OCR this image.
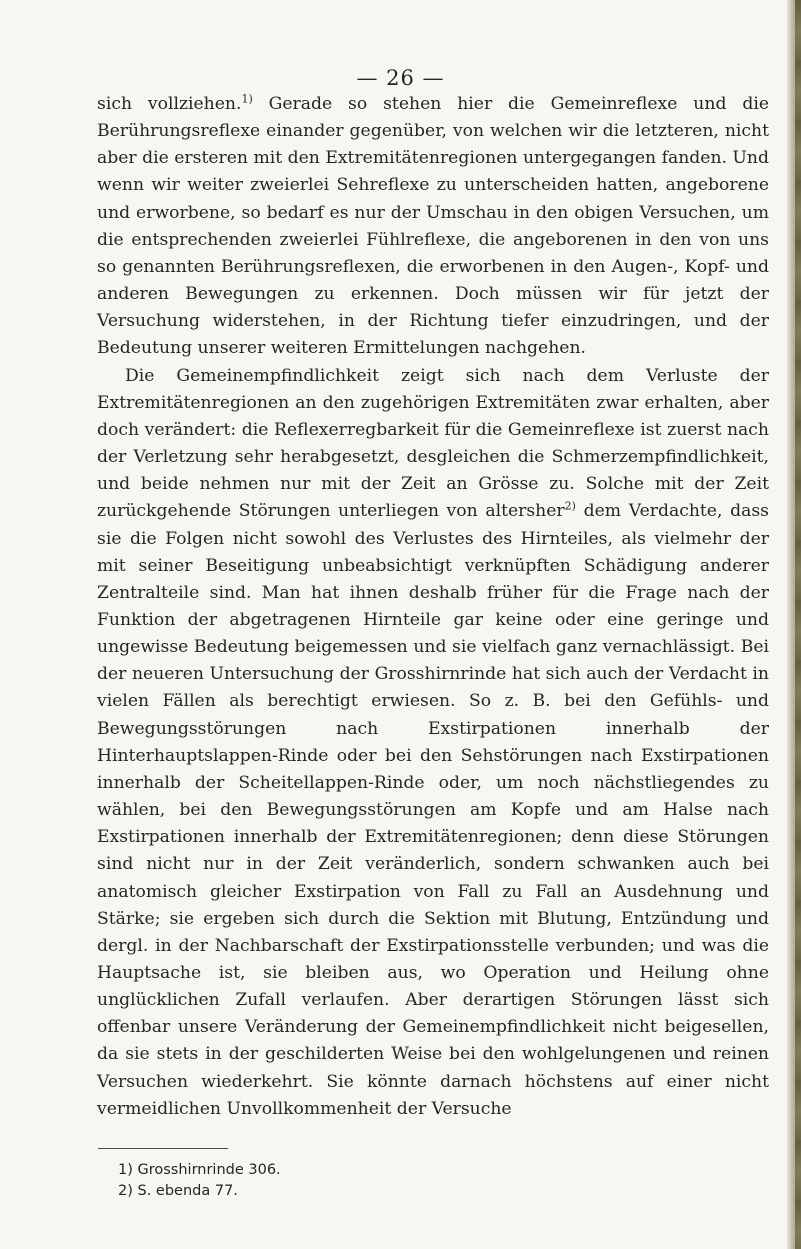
— 26 —

sich vollziehen.$^{1)}$ Gerade so stehen hier die Gemeinreflexe und die Berührungsreflexe einander gegenüber, von welchen wir die letzteren, nicht aber die ersteren mit den Extremitätenregionen untergegangen fanden. Und wenn wir weiter zweierlei Sehreflexe zu unterscheiden hatten, angeborene und erworbene, so bedarf es nur der Umschau in den obigen Versuchen, um die entsprechenden zweierlei Fühlreflexe, die angeborenen in den von uns so genannten Berührungsreflexen, die erworbenen in den Augen-, Kopf- und anderen Bewegungen zu erkennen. Doch müssen wir für jetzt der Versuchung widerstehen, in der Richtung tiefer einzudringen, und der Bedeutung unserer weiteren Ermittelungen nachgehen.

Die Gemeinempfindlichkeit zeigt sich nach dem Verluste der Extremitätenregionen an den zugehörigen Extremitäten zwar erhalten, aber doch verändert: die Reflexerregbarkeit für die Gemeinreflexe ist zuerst nach der Verletzung sehr herabgesetzt, desgleichen die Schmerzempfindlichkeit, und beide nehmen nur mit der Zeit an Grösse zu. Solche mit der Zeit zurückgehende Störungen unterliegen von altersher$^{2)}$ dem Verdachte, dass sie die Folgen nicht sowohl des Verlustes des Hirnteiles, als vielmehr der mit seiner Beseitigung unbeabsichtigt verknüpften Schädigung anderer Zentralteile sind. Man hat ihnen deshalb früher für die Frage nach der Funktion der abgetragenen Hirnteile gar keine oder eine geringe und ungewisse Bedeutung beigemessen und sie vielfach ganz vernachlässigt. Bei der neueren Untersuchung der Grosshirnrinde hat sich auch der Verdacht in vielen Fällen als berechtigt erwiesen. So z. B. bei den Gefühls- und Bewegungsstörungen nach Exstirpationen innerhalb der Hinterhauptslappen-Rinde oder bei den Sehstörungen nach Exstirpationen innerhalb der Scheitellappen-Rinde oder, um noch nächstliegendes zu wählen, bei den Bewegungsstörungen am Kopfe und am Halse nach Exstirpationen innerhalb der Extremitätenregionen; denn diese Störungen sind nicht nur in der Zeit veränderlich, sondern schwanken auch bei anatomisch gleicher Exstirpation von Fall zu Fall an Ausdehnung und Stärke; sie ergeben sich durch die Sektion mit Blutung, Entzündung und dergl. in der Nachbarschaft der Exstirpationsstelle verbunden; und was die Hauptsache ist, sie bleiben aus, wo Operation und Heilung ohne unglücklichen Zufall verlaufen. Aber derartigen Störungen lässt sich offenbar unsere Veränderung der Gemeinempfindlichkeit nicht beigesellen, da sie stets in der geschilderten Weise bei den wohlgelungenen und reinen Versuchen wiederkehrt. Sie könnte darnach höchstens auf einer nicht vermeidlichen Unvollkommenheit der Versuche

1) Grosshirnrinde 306.
2) S. ebenda 77.
